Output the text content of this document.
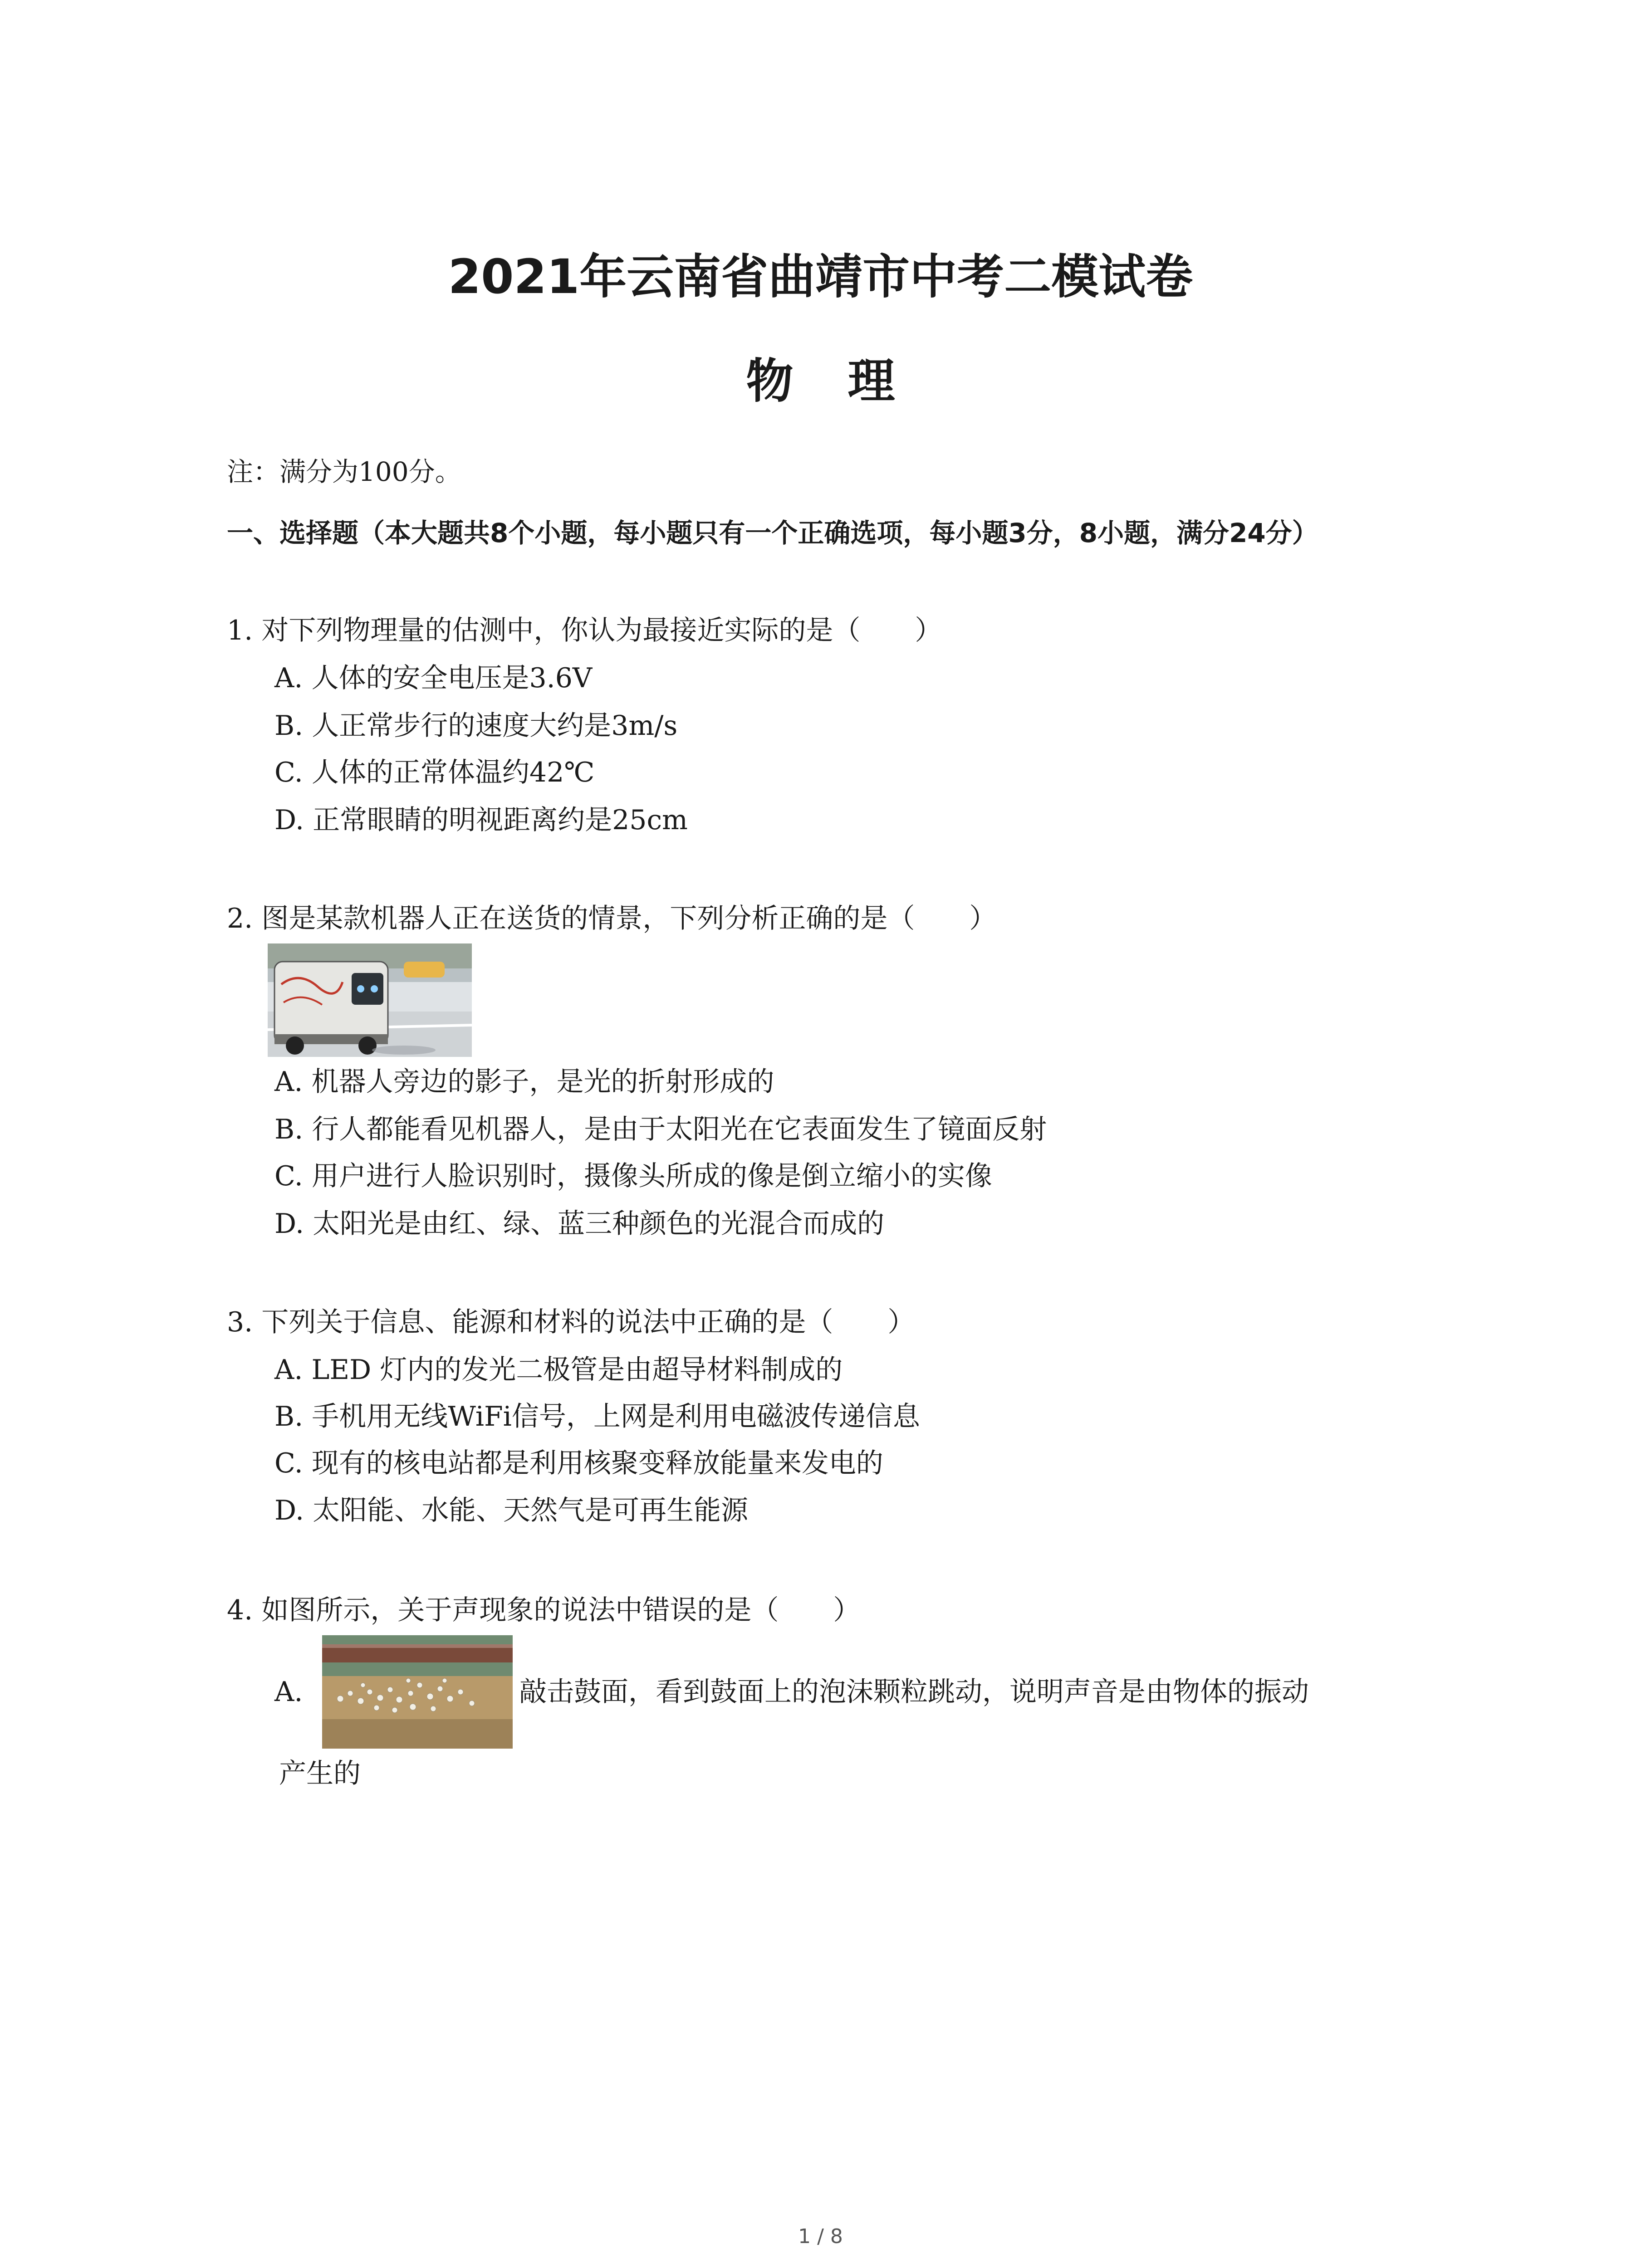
2021年云南省曲靖市中考二模试卷
物理
注：满分为100分。
一、选择题（本大题共8个小题，每小题只有一个正确选项，每小题3分，8小题，满分24分）
1. 对下列物理量的估测中，你认为最接近实际的是（　　）
A. 人体的安全电压是3.6V
B. 人正常步行的速度大约是3m/s
C. 人体的正常体温约42℃
D. 正常眼睛的明视距离约是25cm
2. 图是某款机器人正在送货的情景，下列分析正确的是（　　）
A. 机器人旁边的影子，是光的折射形成的
B. 行人都能看见机器人，是由于太阳光在它表面发生了镜面反射
C. 用户进行人脸识别时，摄像头所成的像是倒立缩小的实像
D. 太阳光是由红、绿、蓝三种颜色的光混合而成的
3. 下列关于信息、能源和材料的说法中正确的是（　　）
A. LED 灯内的发光二极管是由超导材料制成的
B. 手机用无线WiFi信号，上网是利用电磁波传递信息
C. 现有的核电站都是利用核聚变释放能量来发电的
D. 太阳能、水能、天然气是可再生能源
4. 如图所示，关于声现象的说法中错误的是（　　）
A.	敲击鼓面，看到鼓面上的泡沫颗粒跳动，说明声音是由物体的振动
产生的
1 / 8
